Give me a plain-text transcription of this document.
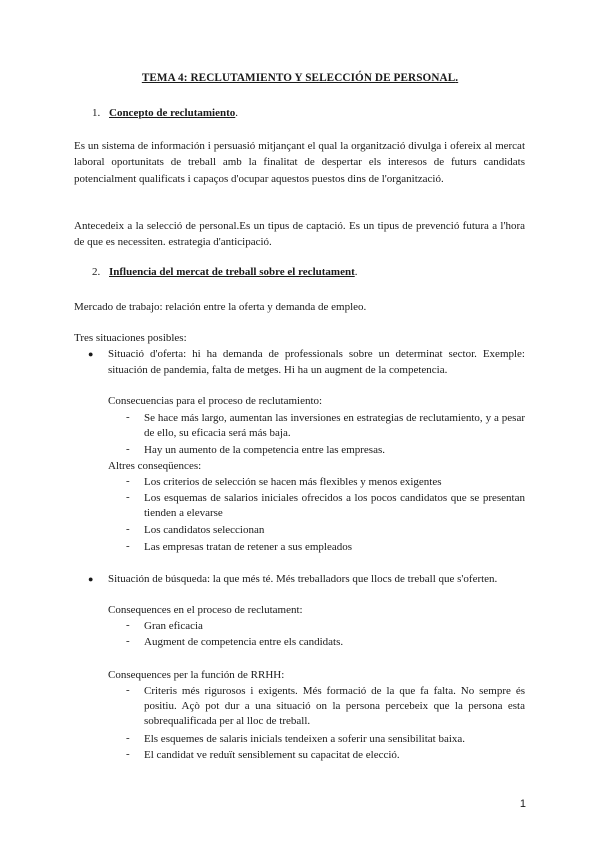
TEMA 4: RECLUTAMIENTO Y SELECCIÓN DE PERSONAL.
1. Concepto de reclutamiento.
Es un sistema de información i persuasió mitjançant el qual la organització divulga i ofereix al mercat laboral oportunitats de treball amb la finalitat de despertar els interesos de futurs candidats potencialment qualificats i capaços d'ocupar aquestos puestos dins de l'organització.
Antecedeix a la selecció de personal.Es un tipus de captació. Es un tipus de prevenció futura a l'hora de que es necessiten. estrategia d'anticipació.
2. Influencia del mercat de treball sobre el reclutament.
Mercado de trabajo: relación entre la oferta y demanda de empleo.
Tres situaciones posibles:
● Situació d'oferta: hi ha demanda de professionals sobre un determinat sector. Exemple: situación de pandemia, falta de metges. Hi ha un augment de la competencia.
Consecuencias para el proceso de reclutamiento:
- Se hace más largo, aumentan las inversiones en estrategias de reclutamiento, y a pesar de ello, su eficacia será más baja.
- Hay un aumento de la competencia entre las empresas.
Altres conseqüences:
- Los criterios de selección se hacen más flexibles y menos exigentes
- Los esquemas de salarios iniciales ofrecidos a los pocos candidatos que se presentan tienden a elevarse
- Los candidatos seleccionan
- Las empresas tratan de retener a sus empleados
● Situación de búsqueda: la que més té. Més treballadors que llocs de treball que s'oferten.
Consequences en el proceso de reclutament:
- Gran eficacia
- Augment de competencia entre els candidats.
Consequences per la función de RRHH:
- Criteris més rigurosos i exigents. Més formació de la que fa falta. No sempre és positiu. Açò pot dur a una situació on la persona percebeix que la persona esta sobrequalificada per al lloc de treball.
- Els esquemes de salaris inicials tendeixen a soferir una sensibilitat baixa.
- El candidat ve reduït sensiblement su capacitat de elecció.
1
